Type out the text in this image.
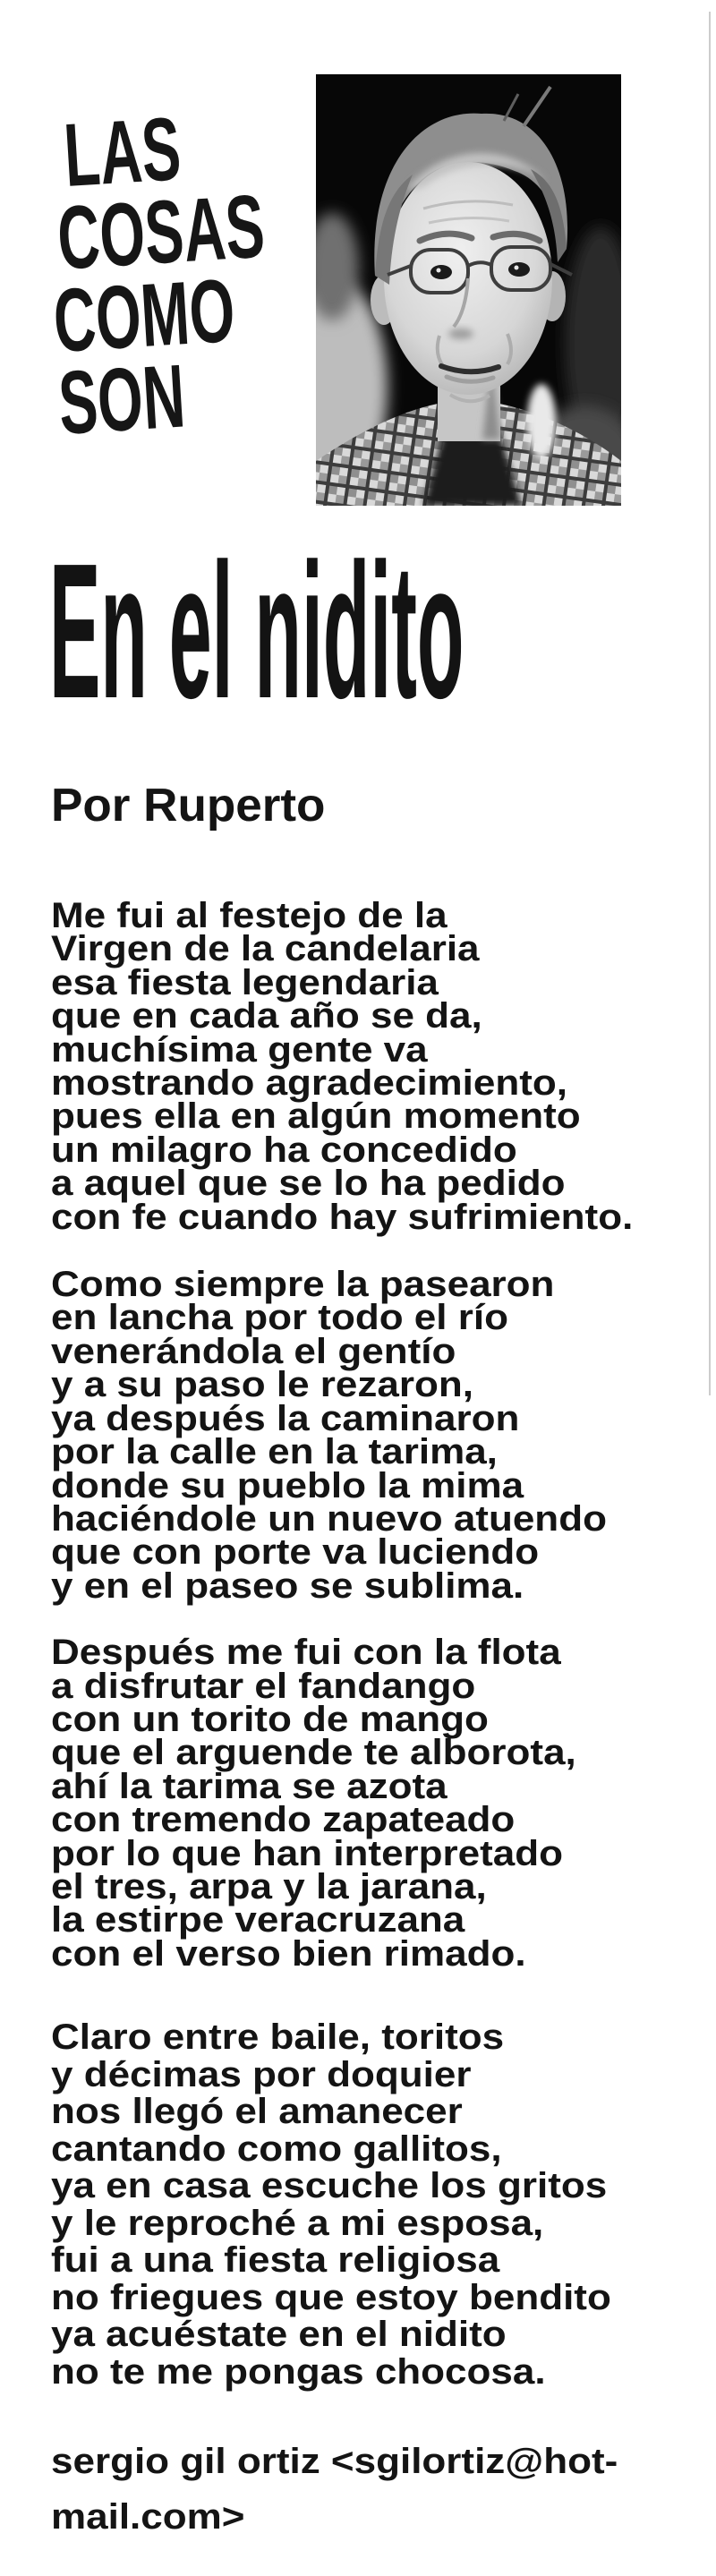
LAS
COSAS
COMO
SON
En el nidito
Por Ruperto
Me fui al festejo de la
Virgen de la candelaria
esa fiesta legendaria
que en cada año se da,
muchísima gente va
mostrando agradecimiento,
pues ella en algún momento
un milagro ha concedido
a aquel que se lo ha pedido
con fe cuando hay sufrimiento.
Como siempre la pasearon
en lancha por todo el río
venerándola el gentío
y a su paso le rezaron,
ya después la caminaron
por la calle en la tarima,
donde su pueblo la mima
haciéndole un nuevo atuendo
que con porte va luciendo
y en el paseo se sublima.
Después me fui con la flota
a disfrutar el fandango
con un torito de mango
que el arguende te alborota,
ahí la tarima se azota
con tremendo zapateado
por lo que han interpretado
el tres, arpa y la jarana,
la estirpe veracruzana
con el verso bien rimado.
Claro entre baile, toritos
y décimas por doquier
nos llegó el amanecer
cantando como gallitos,
ya en casa escuche los gritos
y le reproché a mi esposa,
fui a una fiesta religiosa
no friegues que estoy bendito
ya acuéstate en el nidito
no te me pongas chocosa.
sergio gil ortiz <sgilortiz@hot-
mail.com>
